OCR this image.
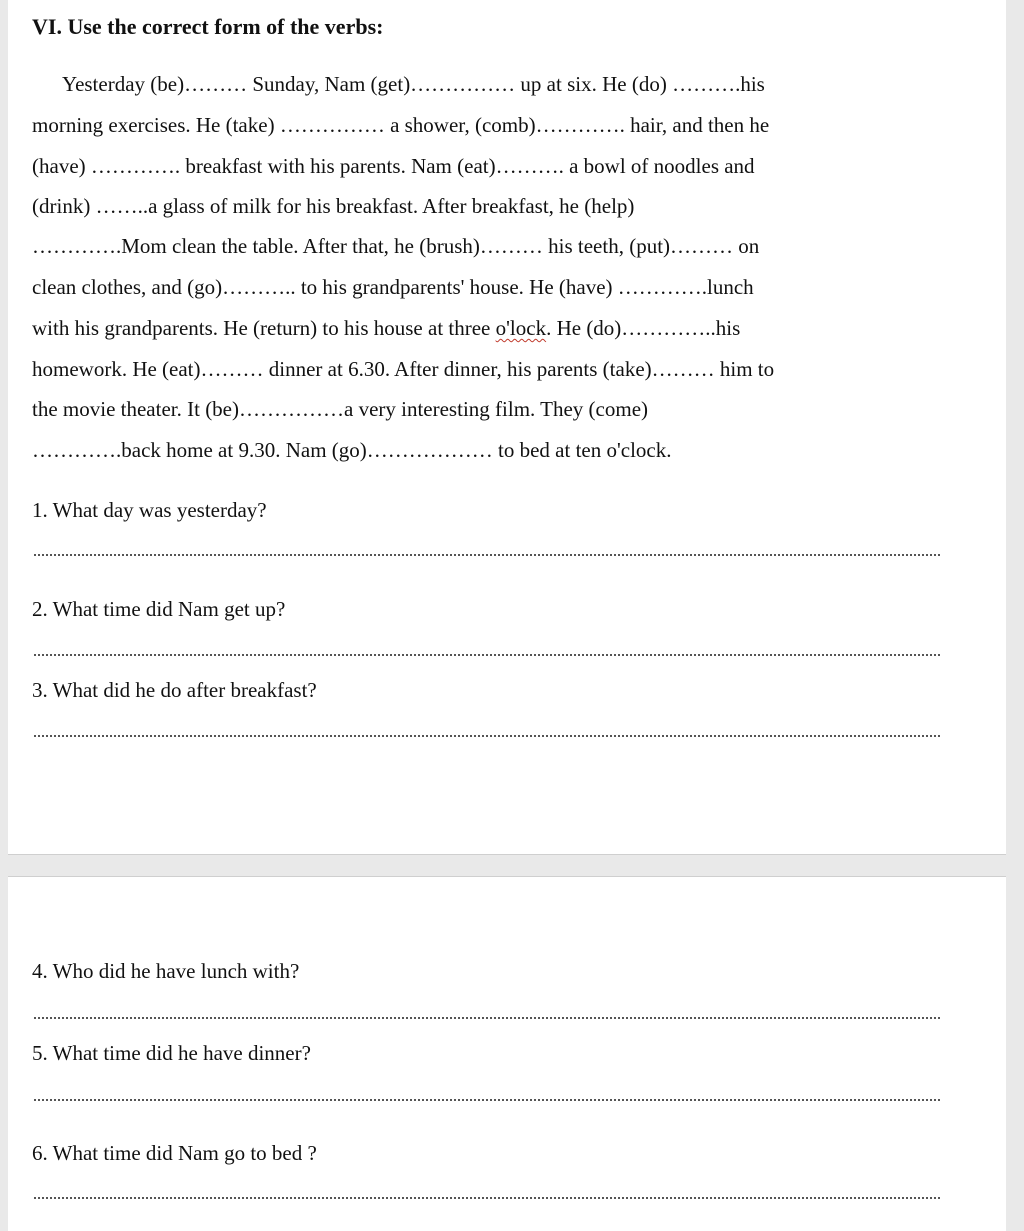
VI. Use the correct form of the verbs:
Yesterday (be)……… Sunday, Nam (get)…………… up at six. He (do) ……….his
morning exercises. He (take) …………… a shower, (comb)…………. hair, and then he
(have) …………. breakfast with his parents. Nam (eat)………. a bowl of noodles and
(drink) ……..a glass of milk for his breakfast. After breakfast, he (help)
………….Mom clean the table. After that, he (brush)……… his teeth, (put)……… on
clean clothes, and (go)……….. to his grandparents' house. He (have) ………….lunch
with his grandparents. He (return) to his house at three o'lock. He (do)…………..his
homework. He (eat)……… dinner at 6.30. After dinner, his parents (take)……… him to
the movie theater. It (be)……………a very interesting film. They (come)
………….back home at 9.30. Nam (go)……………… to bed at ten o'clock.
1. What day was yesterday?
2. What time did Nam get up?
3. What did he do after breakfast?
4. Who did he have lunch with?
5. What time did he have dinner?
6. What time did Nam go to bed ?
